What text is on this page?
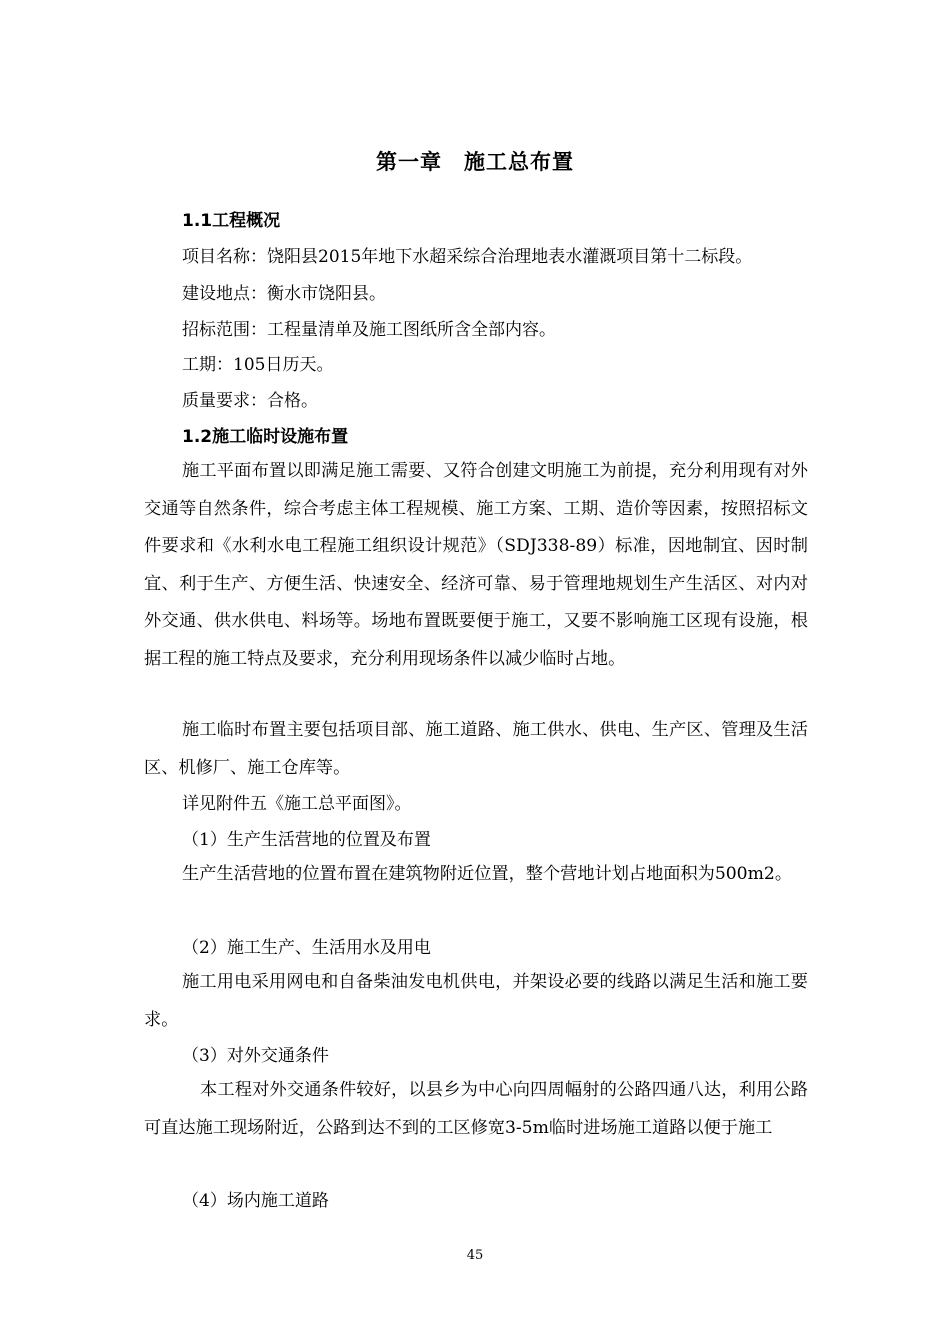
第一章 施工总布置
1.1工程概况
项目名称：饶阳县2015年地下水超采综合治理地表水灌溉项目第十二标段。
建设地点：衡水市饶阳县。
招标范围：工程量清单及施工图纸所含全部内容。
工期：105日历天。
质量要求：合格。
1.2施工临时设施布置
施工平面布置以即满足施工需要、又符合创建文明施工为前提，充分利用现有对外交通等自然条件，综合考虑主体工程规模、施工方案、工期、造价等因素，按照招标文件要求和《水利水电工程施工组织设计规范》（SDJ338-89）标准，因地制宜、因时制宜、利于生产、方便生活、快速安全、经济可靠、易于管理地规划生产生活区、对内对外交通、供水供电、料场等。场地布置既要便于施工，又要不影响施工区现有设施，根据工程的施工特点及要求，充分利用现场条件以减少临时占地。
施工临时布置主要包括项目部、施工道路、施工供水、供电、生产区、管理及生活区、机修厂、施工仓库等。
详见附件五《施工总平面图》。
（1）生产生活营地的位置及布置
生产生活营地的位置布置在建筑物附近位置，整个营地计划占地面积为500m2。
（2）施工生产、生活用水及用电
施工用电采用网电和自备柴油发电机供电，并架设必要的线路以满足生活和施工要求。
（3）对外交通条件
本工程对外交通条件较好，以县乡为中心向四周幅射的公路四通八达，利用公路可直达施工现场附近，公路到达不到的工区修宽3-5m临时进场施工道路以便于施工
（4）场内施工道路
45
